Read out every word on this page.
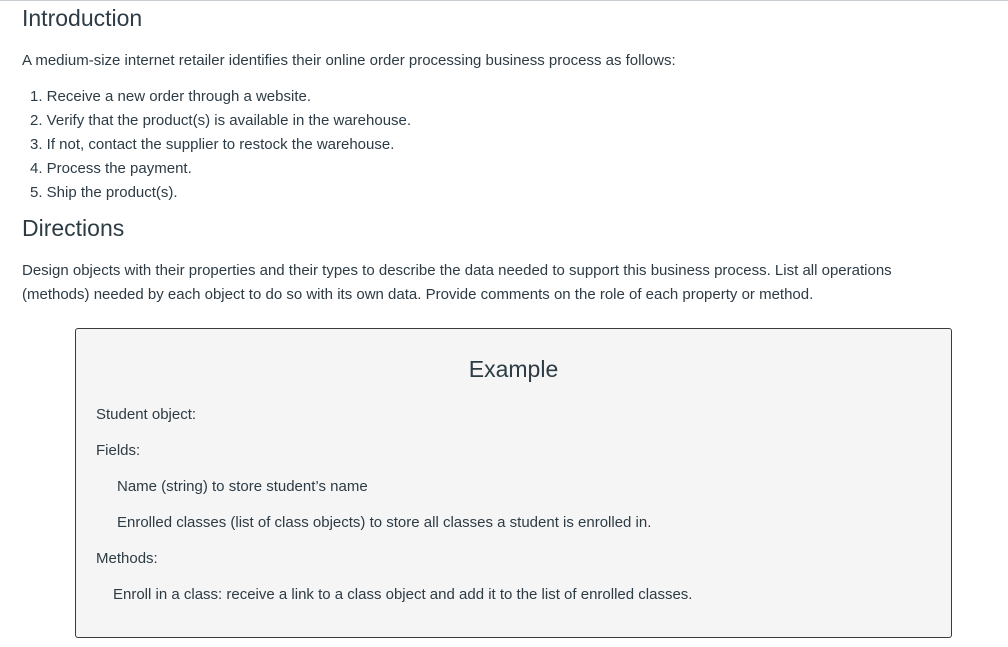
Introduction

A medium-size internet retailer identifies their online order processing business process as follows:

1. Receive a new order through a website.
2. Verify that the product(s) is available in the warehouse.
3. If not, contact the supplier to restock the warehouse.
4. Process the payment.
5. Ship the product(s).
Directions

Design objects with their properties and their types to describe the data needed to support this business process. List all operations (methods) needed by each object to do so with its own data. Provide comments on the role of each property or method.

Example
Student object:
Fields:
Name (string) to store student’s name
Enrolled classes (list of class objects) to store all classes a student is enrolled in.
Methods:
Enroll in a class: receive a link to a class object and add it to the list of enrolled classes.
